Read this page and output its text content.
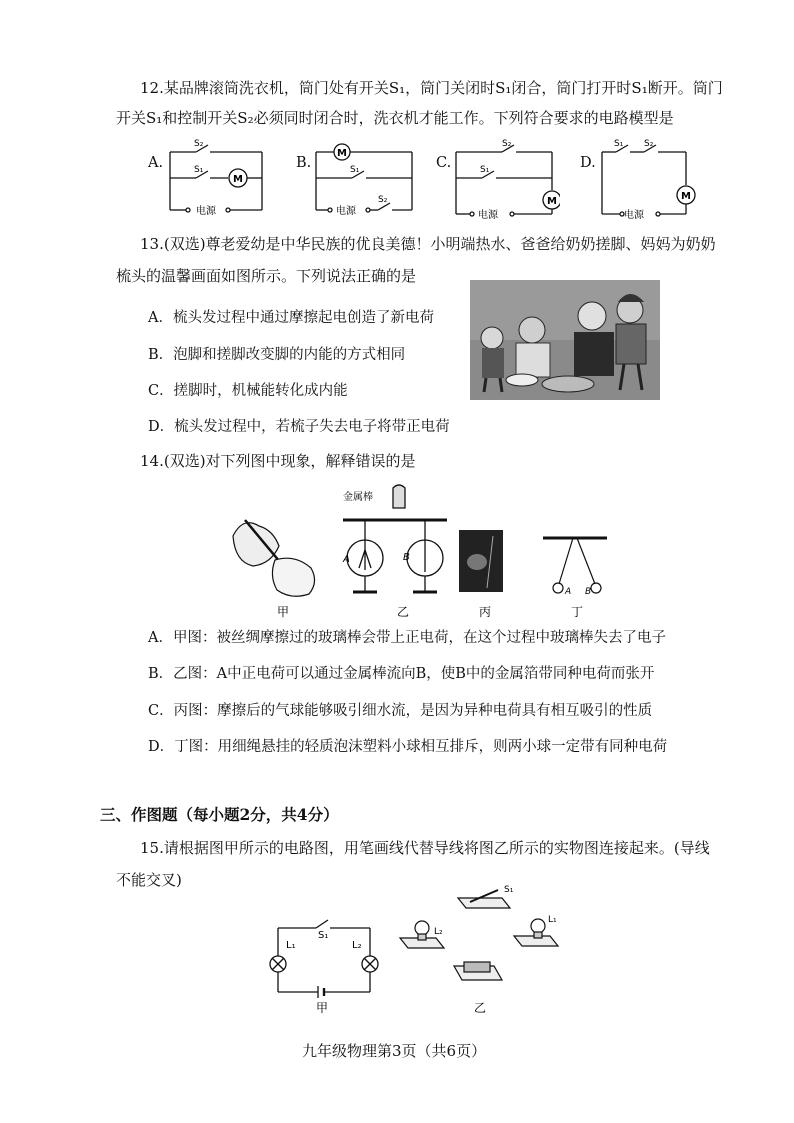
12.某品牌滚筒洗衣机，筒门处有开关S₁，筒门关闭时S₁闭合，筒门打开时S₁断开。筒门
开关S₁和控制开关S₂必须同时闭合时，洗衣机才能工作。下列符合要求的电路模型是
A.
S₂
S₁
M
电源
B.
M
S₁
电源
S₂
C.
S₂
S₁
M
电源
D.
S₁ S₂
M
电源
13.(双选)尊老爱幼是中华民族的优良美德！小明端热水、爸爸给奶奶搓脚、妈妈为奶奶
梳头的温馨画面如图所示。下列说法正确的是
A．梳头发过程中通过摩擦起电创造了新电荷
B．泡脚和搓脚改变脚的内能的方式相同
C．搓脚时，机械能转化成内能
D．梳头发过程中，若梳子失去电子将带正电荷
14.(双选)对下列图中现象，解释错误的是
甲
金属棒
A	B
乙	丙
A B
丁
A．甲图：被丝绸摩擦过的玻璃棒会带上正电荷，在这个过程中玻璃棒失去了电子
B．乙图：A中正电荷可以通过金属棒流向B，使B中的金属箔带同种电荷而张开
C．丙图：摩擦后的气球能够吸引细水流，是因为异种电荷具有相互吸引的性质
D．丁图：用细绳悬挂的轻质泡沫塑料小球相互排斥，则两小球一定带有同种电荷
三、作图题（每小题2分，共4分）
15.请根据图甲所示的电路图，用笔画线代替导线将图乙所示的实物图连接起来。(导线
不能交叉)
S₁
L₁	L₂
甲
S₁
L₂
L₁
乙
九年级物理第3页（共6页）
